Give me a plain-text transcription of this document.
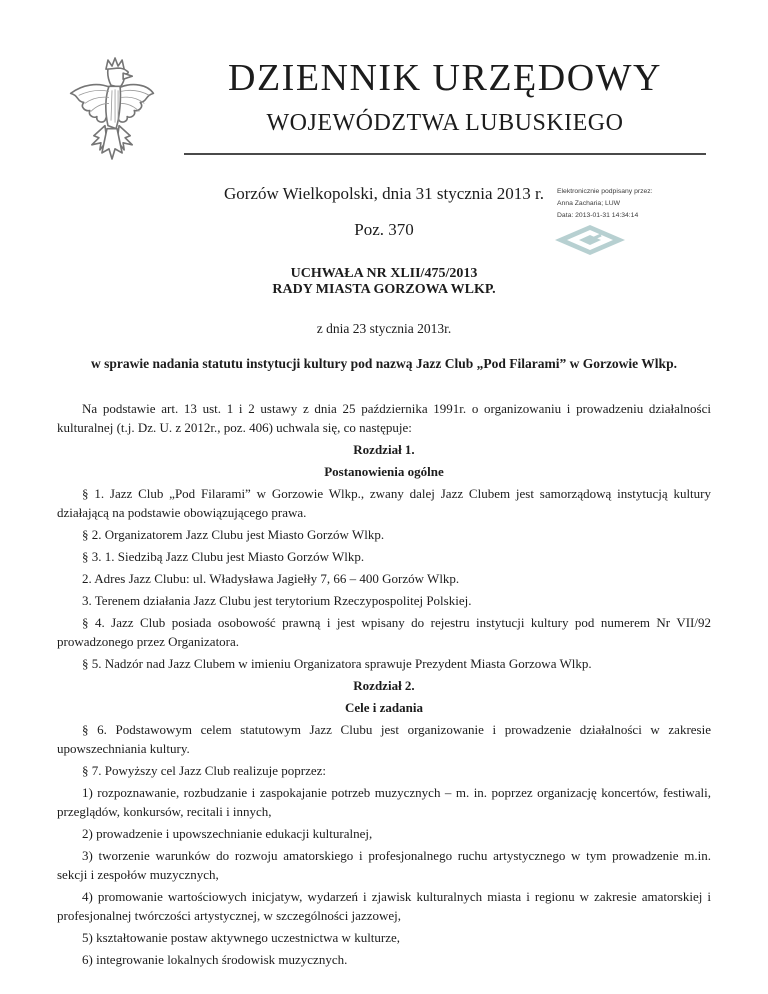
DZIENNIK URZĘDOWY
WOJEWÓDZTWA LUBUSKIEGO
Gorzów Wielkopolski, dnia 31 stycznia 2013 r.
Poz. 370
Elektronicznie podpisany przez:
Anna Zacharia; LUW
Data: 2013-01-31 14:34:14
UCHWAŁA NR XLII/475/2013
RADY MIASTA GORZOWA WLKP.
z dnia 23 stycznia 2013r.
w sprawie nadania statutu instytucji kultury pod nazwą Jazz Club „Pod Filarami” w Gorzowie Wlkp.

Na podstawie art. 13 ust. 1 i 2 ustawy z dnia 25 października 1991r. o organizowaniu i prowadzeniu działalności kulturalnej (t.j. Dz. U. z 2012r., poz. 406) uchwala się, co następuje:

Rozdział 1.

Postanowienia ogólne

§ 1. Jazz Club „Pod Filarami” w Gorzowie Wlkp., zwany dalej Jazz Clubem jest samorządową instytucją kultury działającą na podstawie obowiązującego prawa.

§ 2. Organizatorem Jazz Clubu jest Miasto Gorzów Wlkp.

§ 3. 1. Siedzibą Jazz Clubu jest Miasto Gorzów Wlkp.

2. Adres Jazz Clubu: ul. Władysława Jagiełły 7, 66 – 400 Gorzów Wlkp.

3. Terenem działania Jazz Clubu jest terytorium Rzeczypospolitej Polskiej.

§ 4. Jazz Club posiada osobowość prawną i jest wpisany do rejestru instytucji kultury pod numerem Nr VII/92 prowadzonego przez Organizatora.

§ 5. Nadzór nad Jazz Clubem w imieniu Organizatora sprawuje Prezydent Miasta Gorzowa Wlkp.

Rozdział 2.

Cele i zadania

§ 6. Podstawowym celem statutowym Jazz Clubu jest organizowanie i prowadzenie działalności w zakresie upowszechniania kultury.

§ 7. Powyższy cel Jazz Club realizuje poprzez:

1) rozpoznawanie, rozbudzanie i zaspokajanie potrzeb muzycznych – m. in. poprzez organizację koncertów, festiwali, przeglądów, konkursów, recitali i innych,

2) prowadzenie i upowszechnianie edukacji kulturalnej,

3) tworzenie warunków do rozwoju amatorskiego i profesjonalnego ruchu artystycznego w tym prowadzenie m.in. sekcji i zespołów muzycznych,

4) promowanie wartościowych inicjatyw, wydarzeń i zjawisk kulturalnych miasta i regionu w zakresie amatorskiej i profesjonalnej twórczości artystycznej, w szczególności jazzowej,

5) kształtowanie postaw aktywnego uczestnictwa w kulturze,

6) integrowanie lokalnych środowisk muzycznych.
